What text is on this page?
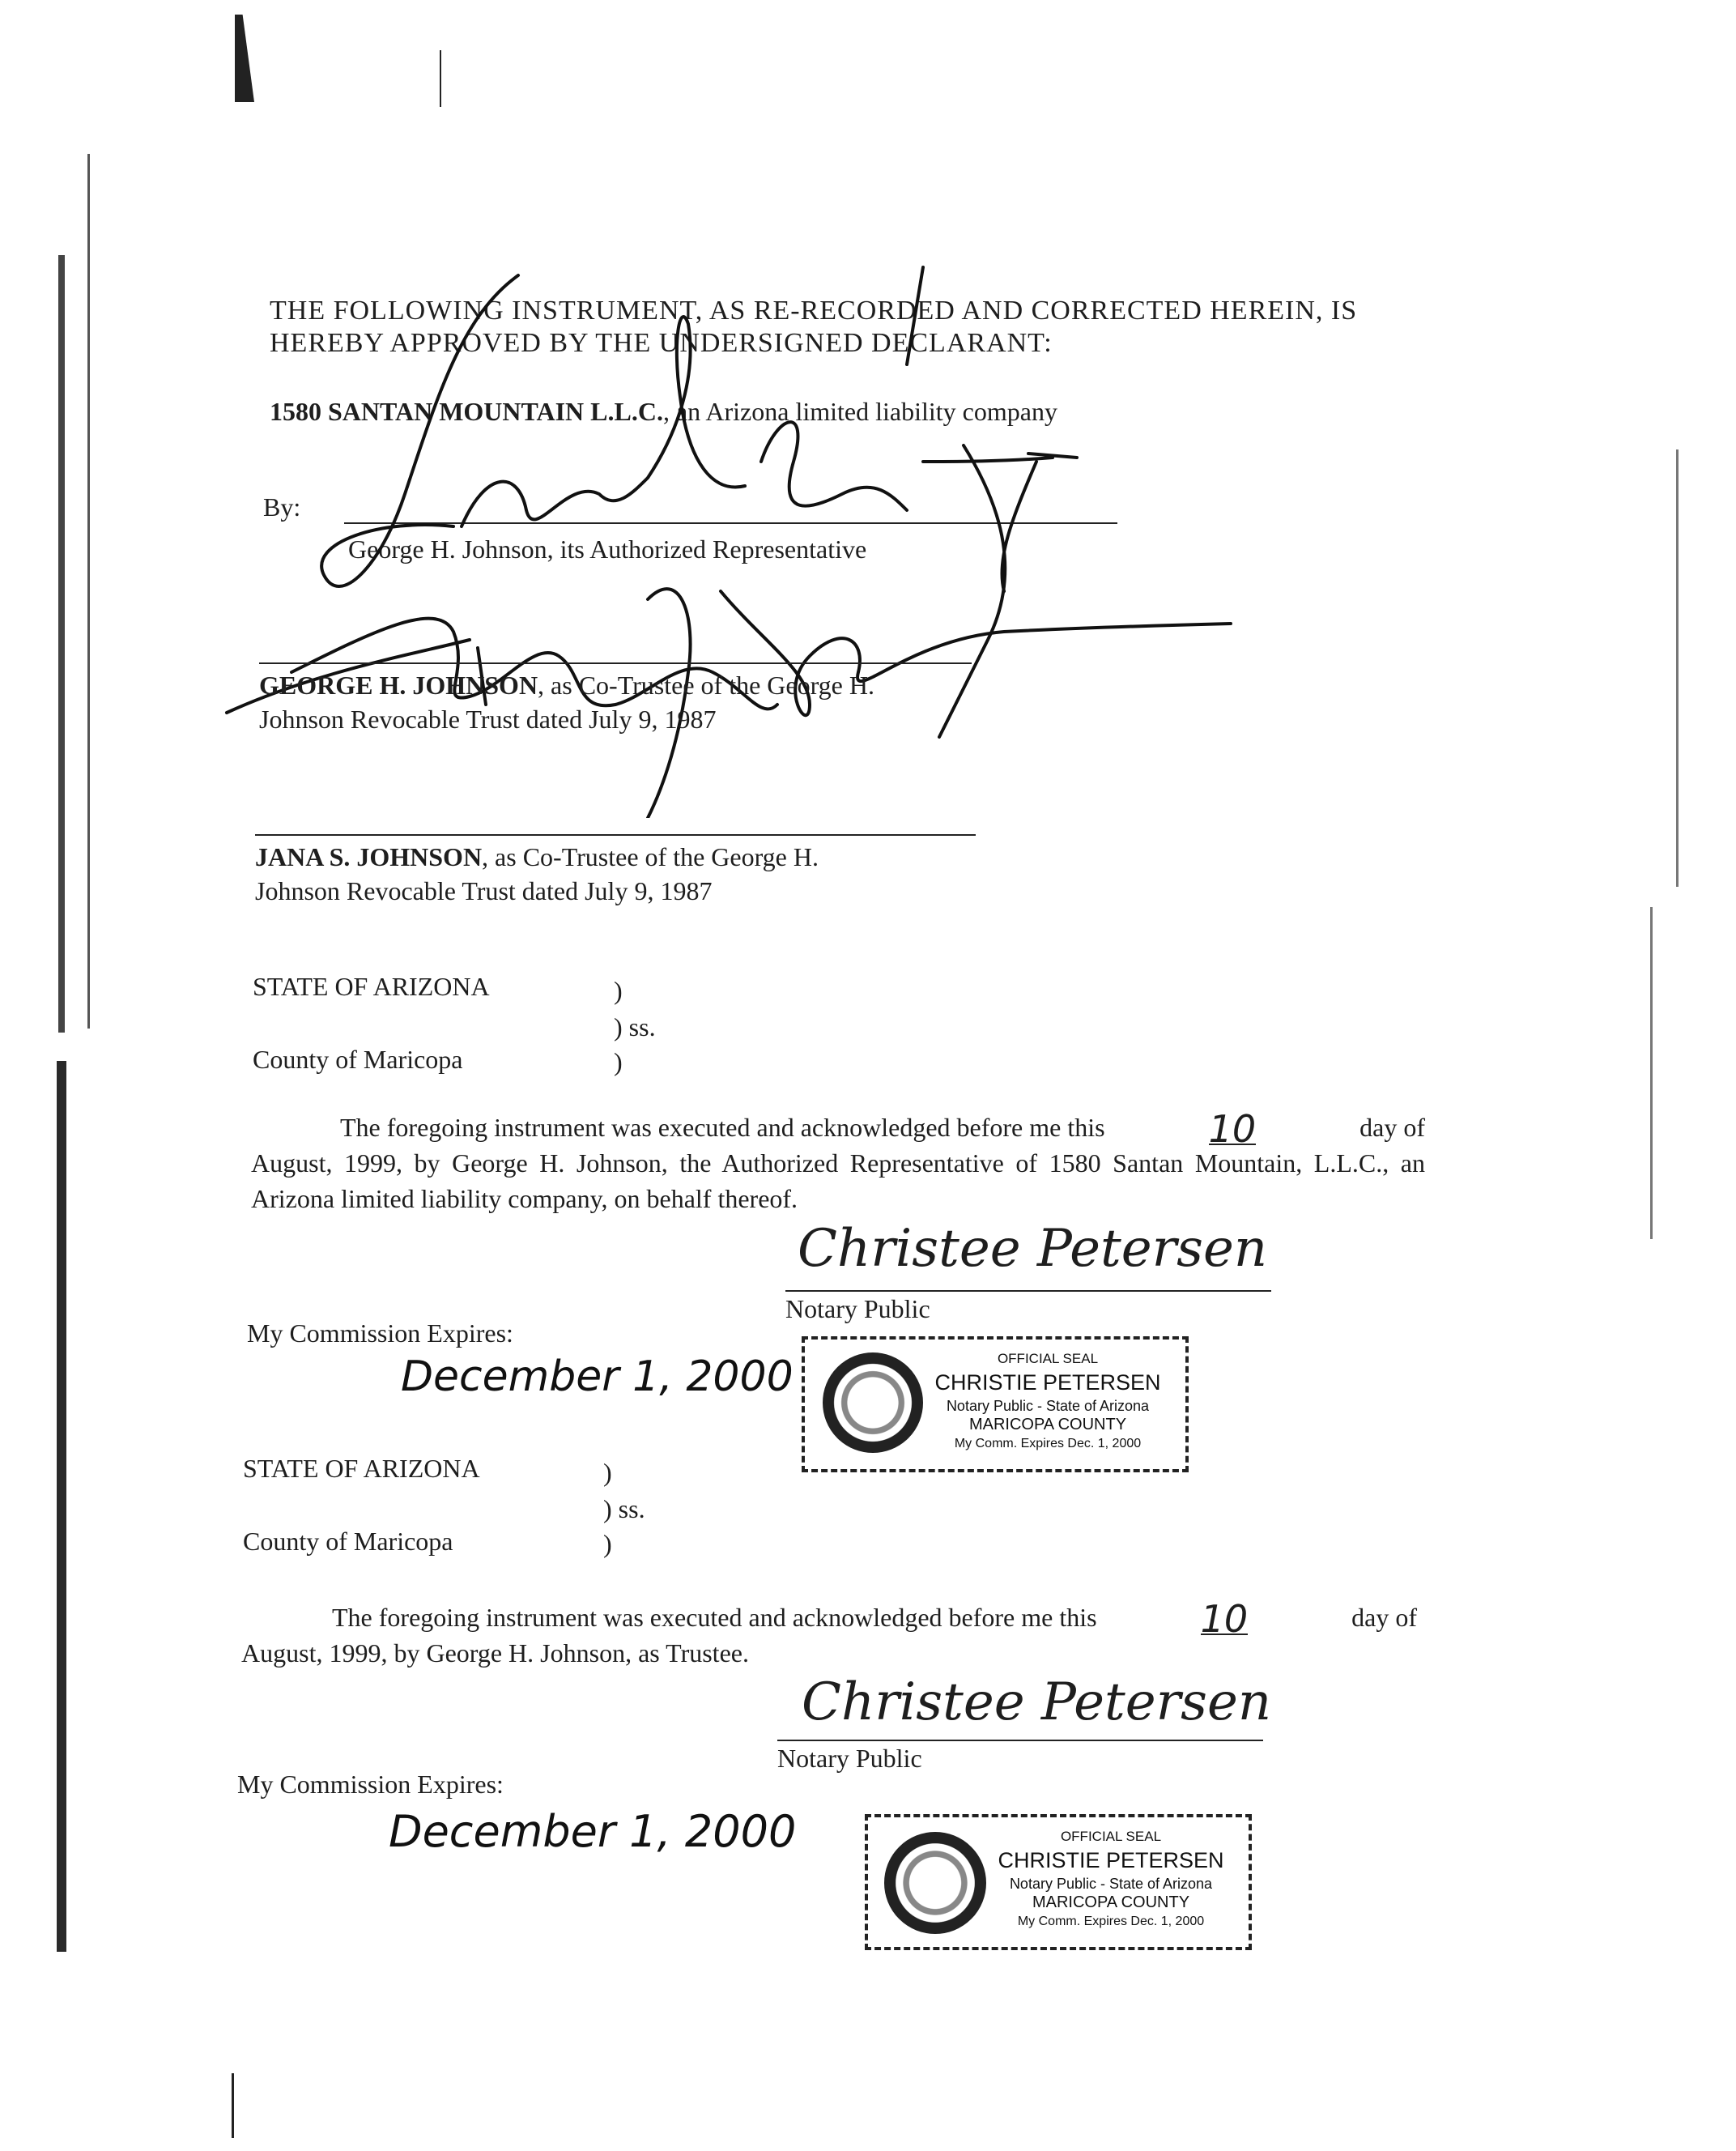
THE FOLLOWING INSTRUMENT, AS RE-RECORDED AND CORRECTED HEREIN, IS
HEREBY APPROVED BY THE UNDERSIGNED DECLARANT:
1580 SANTAN MOUNTAIN L.L.C., an Arizona limited liability company
By:
George H. Johnson, its Authorized Representative
GEORGE H. JOHNSON, as Co-Trustee of the George H.
Johnson Revocable Trust dated July 9, 1987
JANA S. JOHNSON, as Co-Trustee of the George H.
Johnson Revocable Trust dated July 9, 1987
STATE OF ARIZONA	)
) ss.
County of Maricopa	)
The foregoing instrument was executed and acknowledged before me this	10	day of
August, 1999, by George H. Johnson, the Authorized Representative of 1580 Santan Mountain, L.L.C., an Arizona limited liability company, on behalf thereof.
Christee Petersen
Notary Public
My Commission Expires:
December 1, 2000	OFFICIAL SEAL
CHRISTIE PETERSEN
Notary Public - State of Arizona
MARICOPA COUNTY
My Comm. Expires Dec. 1, 2000
STATE OF ARIZONA	)
) ss.
County of Maricopa	)
The foregoing instrument was executed and acknowledged before me this	10	day of
August, 1999, by George H. Johnson, as Trustee.
Christee Petersen
Notary Public
My Commission Expires:
December 1, 2000	OFFICIAL SEAL
CHRISTIE PETERSEN
Notary Public - State of Arizona
MARICOPA COUNTY
My Comm. Expires Dec. 1, 2000
